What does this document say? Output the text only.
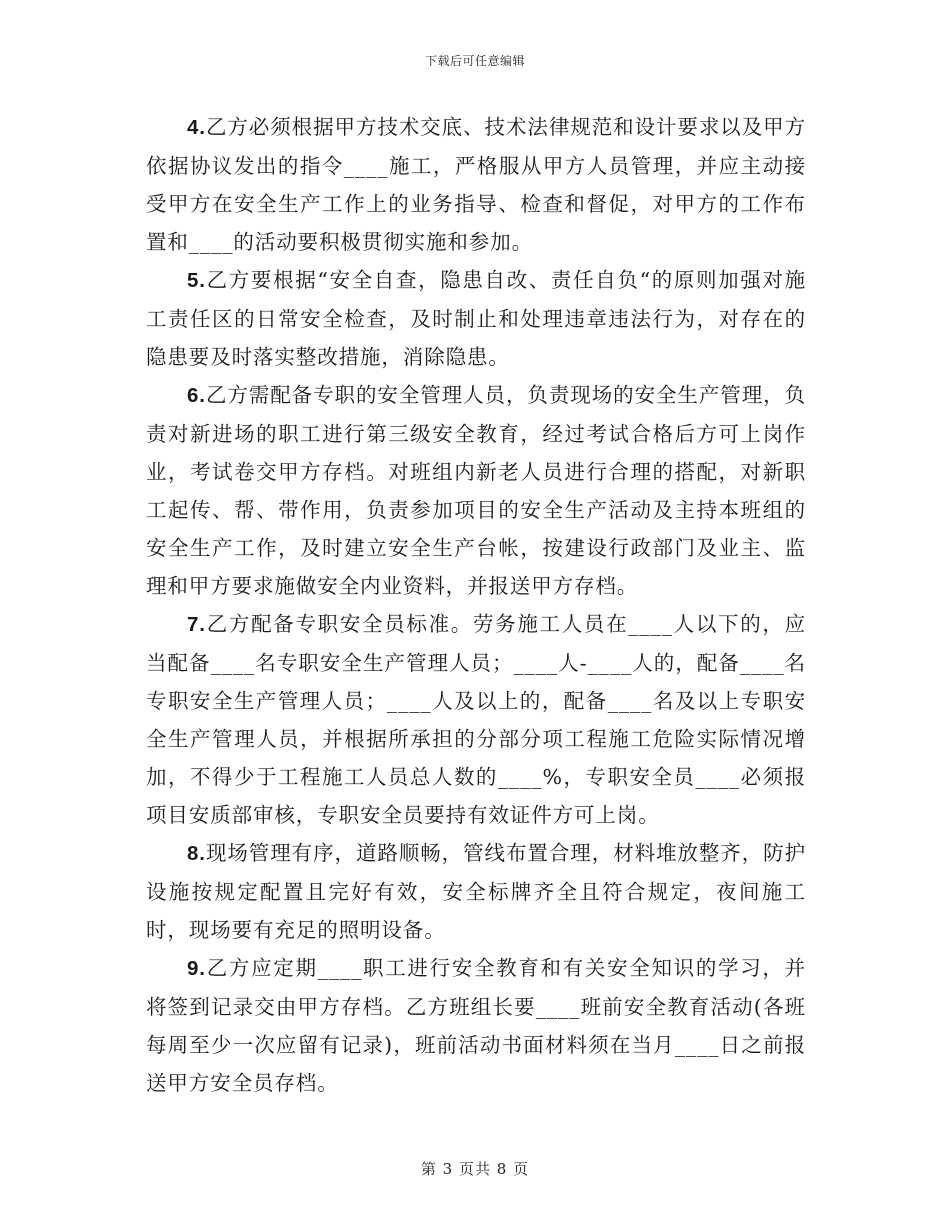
下载后可任意编辑

4.乙方必须根据甲方技术交底、技术法律规范和设计要求以及甲方依据协议发出的指令____施工，严格服从甲方人员管理，并应主动接受甲方在安全生产工作上的业务指导、检查和督促，对甲方的工作布置和____的活动要积极贯彻实施和参加。

5.乙方要根据“安全自查，隐患自改、责任自负“的原则加强对施工责任区的日常安全检查，及时制止和处理违章违法行为，对存在的隐患要及时落实整改措施，消除隐患。

6.乙方需配备专职的安全管理人员，负责现场的安全生产管理，负责对新进场的职工进行第三级安全教育，经过考试合格后方可上岗作业，考试卷交甲方存档。对班组内新老人员进行合理的搭配，对新职工起传、帮、带作用，负责参加项目的安全生产活动及主持本班组的安全生产工作，及时建立安全生产台帐，按建设行政部门及业主、监理和甲方要求施做安全内业资料，并报送甲方存档。

7.乙方配备专职安全员标准。劳务施工人员在____人以下的，应当配备____名专职安全生产管理人员；____人-____人的，配备____名专职安全生产管理人员；____人及以上的，配备____名及以上专职安全生产管理人员，并根据所承担的分部分项工程施工危险实际情况增加，不得少于工程施工人员总人数的____%，专职安全员____必须报项目安质部审核，专职安全员要持有效证件方可上岗。

8.现场管理有序，道路顺畅，管线布置合理，材料堆放整齐，防护设施按规定配置且完好有效，安全标牌齐全且符合规定，夜间施工时，现场要有充足的照明设备。

9.乙方应定期____职工进行安全教育和有关安全知识的学习，并将签到记录交由甲方存档。乙方班组长要____班前安全教育活动(各班每周至少一次应留有记录)，班前活动书面材料须在当月____日之前报送甲方安全员存档。

第 3 页共 8 页
